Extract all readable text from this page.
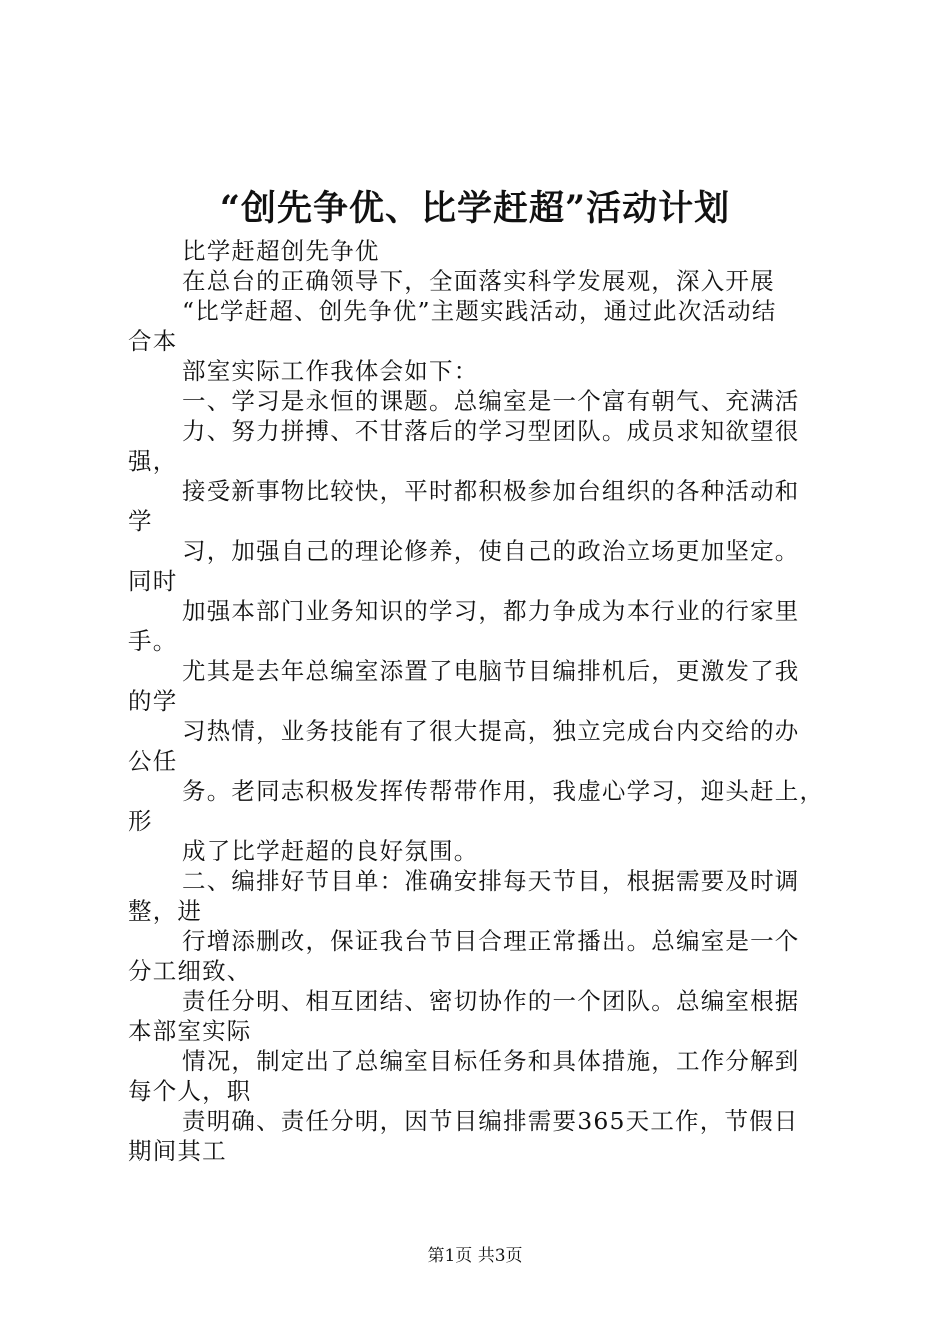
“创先争优、比学赶超”活动计划
比学赶超创先争优
在总台的正确领导下，全面落实科学发展观，深入开展
“比学赶超、创先争优”主题实践活动，通过此次活动结
合本
部室实际工作我体会如下：
一、学习是永恒的课题。总编室是一个富有朝气、充满活
力、努力拼搏、不甘落后的学习型团队。成员求知欲望很
强，
接受新事物比较快，平时都积极参加台组织的各种活动和
学
习，加强自己的理论修养，使自己的政治立场更加坚定。
同时
加强本部门业务知识的学习，都力争成为本行业的行家里
手。
尤其是去年总编室添置了电脑节目编排机后，更激发了我
的学
习热情，业务技能有了很大提高，独立完成台内交给的办
公任
务。老同志积极发挥传帮带作用，我虚心学习，迎头赶上，
形
成了比学赶超的良好氛围。
二、编排好节目单：准确安排每天节目，根据需要及时调
整，进
行增添删改，保证我台节目合理正常播出。总编室是一个
分工细致、
责任分明、相互团结、密切协作的一个团队。总编室根据
本部室实际
情况，制定出了总编室目标任务和具体措施，工作分解到
每个人，职
责明确、责任分明，因节目编排需要365天工作，节假日
期间其工
第1页 共3页
